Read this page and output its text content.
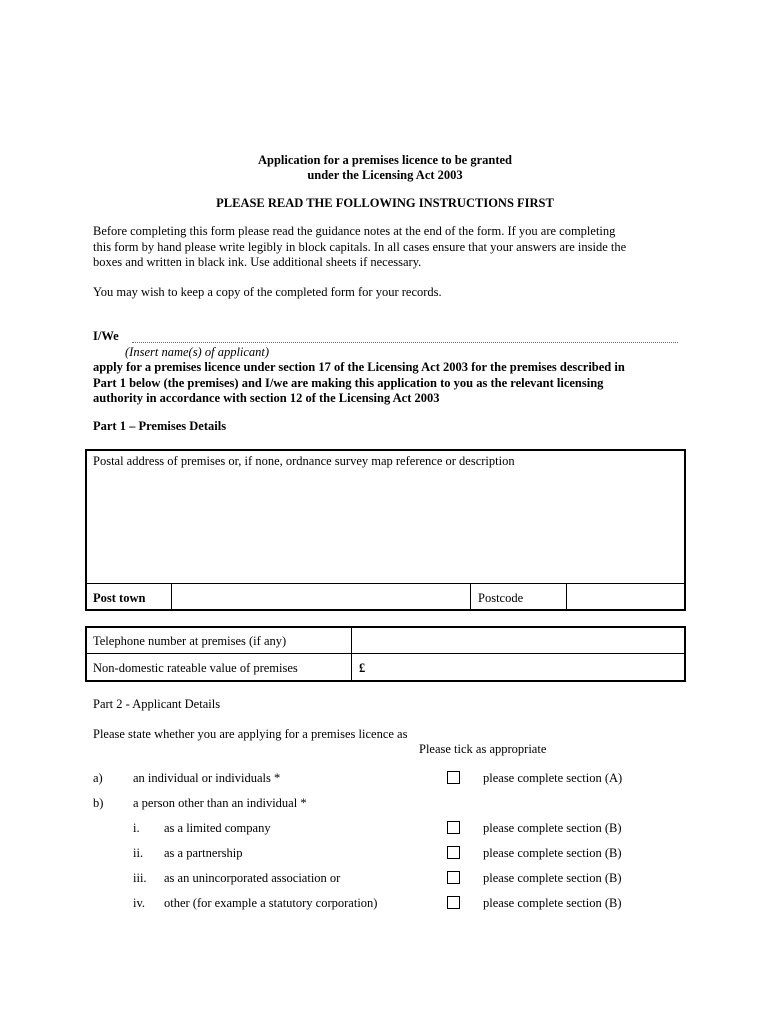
Application for a premises licence to be granted
under the Licensing Act 2003
PLEASE READ THE FOLLOWING INSTRUCTIONS FIRST

Before completing this form please read the guidance notes at the end of the form. If you are completing

this form by hand please write legibly in block capitals. In all cases ensure that your answers are inside the

boxes and written in black ink. Use additional sheets if necessary.

You may wish to keep a copy of the completed form for your records.
I/We
(Insert name(s) of applicant)

apply for a premises licence under section 17 of the Licensing Act 2003 for the premises described in

Part 1 below (the premises) and I/we are making this application to you as the relevant licensing

authority in accordance with section 12 of the Licensing Act 2003

Part 1 – Premises Details
Postal address of premises or, if none, ordnance survey map reference or description
Post town	Postcode
Telephone number at premises (if any)
Non-domestic rateable value of premises	£
Part 2 - Applicant Details
Please state whether you are applying for a premises licence as
Please tick as appropriate
a) an individual or individuals *	please complete section (A)
b) a person other than an individual *
i. as a limited company	please complete section (B)
ii. as a partnership	please complete section (B)
iii. as an unincorporated association or	please complete section (B)
iv. other (for example a statutory corporation)	please complete section (B)
